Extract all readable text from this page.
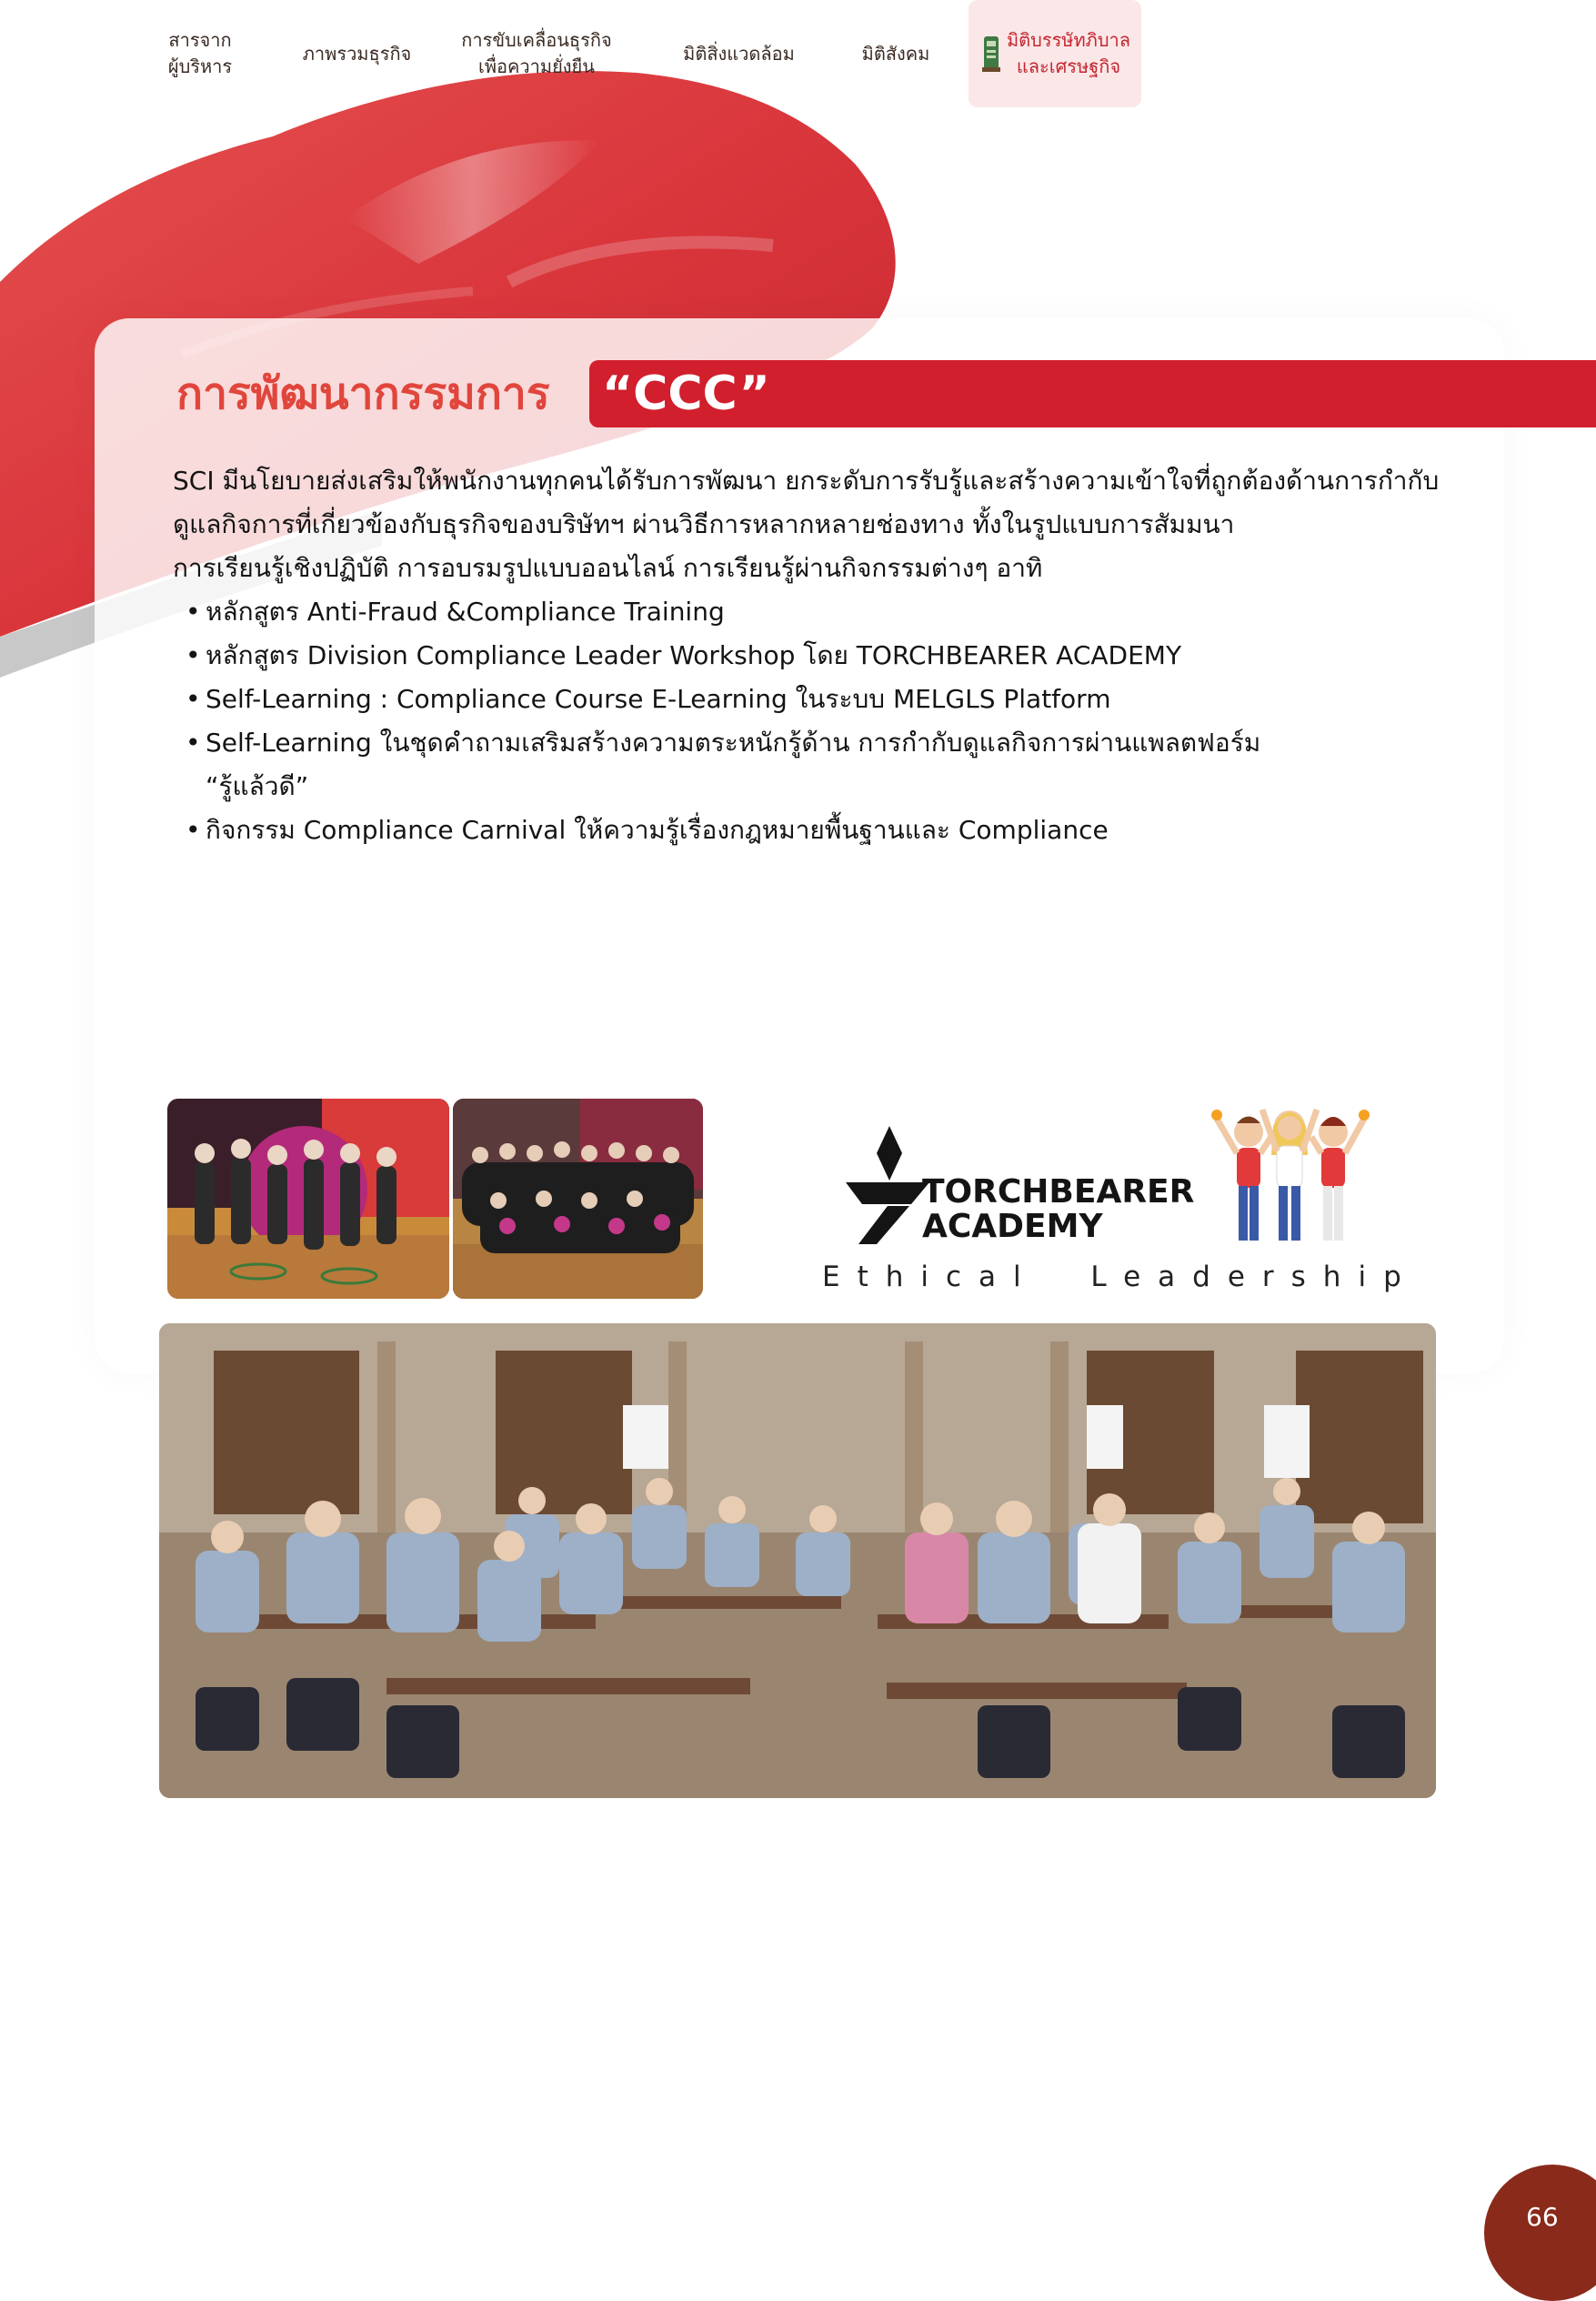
สารจาก
ผู้บริหาร
ภาพรวมธุรกิจ
การขับเคลื่อนธุรกิจ
เพื่อความยั่งยืน
มิติสิ่งแวดล้อม	มิติสังคม
มิติบรรษัทภิบาล
และเศรษฐกิจ
การพัฒนากรรมการ “CCC”

SCI มีนโยบายส่งเสริมให้พนักงานทุกคนได้รับการพัฒนา ยกระดับการรับรู้และสร้างความเข้าใจที่ถูกต้องด้านการกำกับ
ดูแลกิจการที่เกี่ยวข้องกับธุรกิจของบริษัทฯ ผ่านวิธีการหลากหลายช่องทาง ทั้งในรูปแบบการสัมมนา
การเรียนรู้เชิงปฏิบัติ การอบรมรูปแบบออนไลน์ การเรียนรู้ผ่านกิจกรรมต่างๆ อาทิ

• หลักสูตร Anti-Fraud &Compliance Training
• หลักสูตร Division Compliance Leader Workshop โดย TORCHBEARER ACADEMY
• Self-Learning : Compliance Course E-Learning ในระบบ MELGLS Platform
• Self-Learning ในชุดคำถามเสริมสร้างความตระหนักรู้ด้าน การกำกับดูแลกิจการผ่านแพลตฟอร์ม
“รู้แล้วดี”
• กิจกรรม Compliance Carnival ให้ความรู้เรื่องกฎหมายพื้นฐานและ Compliance
TORCHBEARER
ACADEMY
Ethical  Leadership
66
